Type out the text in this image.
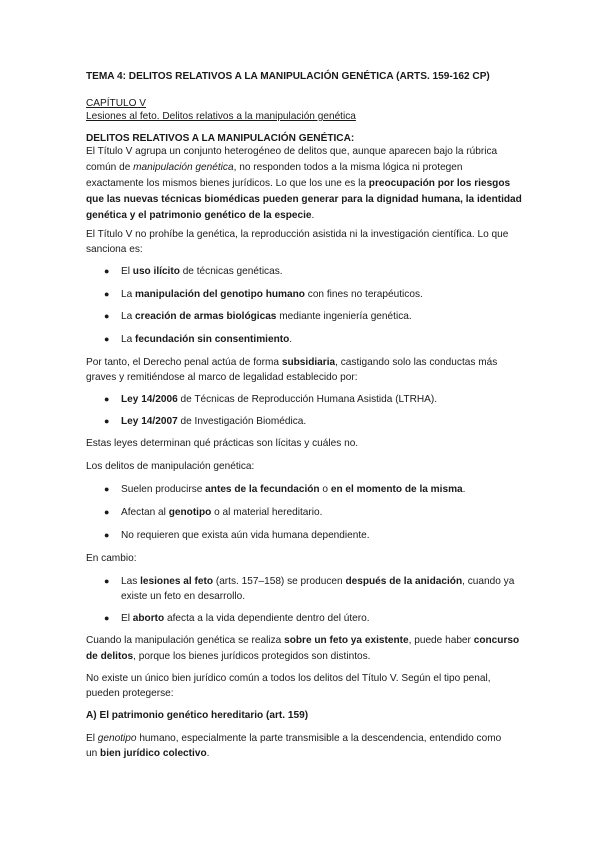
TEMA 4: DELITOS RELATIVOS A LA MANIPULACIÓN GENÉTICA (ARTS. 159-162 CP)
CAPÍTULO V
Lesiones al feto. Delitos relativos a la manipulación genética
DELITOS RELATIVOS A LA MANIPULACIÓN GENÉTICA:
El Título V agrupa un conjunto heterogéneo de delitos que, aunque aparecen bajo la rúbrica
común de manipulación genética, no responden todos a la misma lógica ni protegen
exactamente los mismos bienes jurídicos. Lo que los une es la preocupación por los riesgos
que las nuevas técnicas biomédicas pueden generar para la dignidad humana, la identidad
genética y el patrimonio genético de la especie.
El Título V no prohíbe la genética, la reproducción asistida ni la investigación científica. Lo que
sanciona es:
● El uso ilícito de técnicas genéticas.
● La manipulación del genotipo humano con fines no terapéuticos.
● La creación de armas biológicas mediante ingeniería genética.
● La fecundación sin consentimiento.
Por tanto, el Derecho penal actúa de forma subsidiaria, castigando solo las conductas más
graves y remitiéndose al marco de legalidad establecido por:
● Ley 14/2006 de Técnicas de Reproducción Humana Asistida (LTRHA).
● Ley 14/2007 de Investigación Biomédica.
Estas leyes determinan qué prácticas son lícitas y cuáles no.
Los delitos de manipulación genética:
● Suelen producirse antes de la fecundación o en el momento de la misma.
● Afectan al genotipo o al material hereditario.
● No requieren que exista aún vida humana dependiente.
En cambio:
● Las lesiones al feto (arts. 157–158) se producen después de la anidación, cuando ya
existe un feto en desarrollo.
● El aborto afecta a la vida dependiente dentro del útero.
Cuando la manipulación genética se realiza sobre un feto ya existente, puede haber concurso
de delitos, porque los bienes jurídicos protegidos son distintos.
No existe un único bien jurídico común a todos los delitos del Título V. Según el tipo penal,
pueden protegerse:
A) El patrimonio genético hereditario (art. 159)
El genotipo humano, especialmente la parte transmisible a la descendencia, entendido como
un bien jurídico colectivo.
